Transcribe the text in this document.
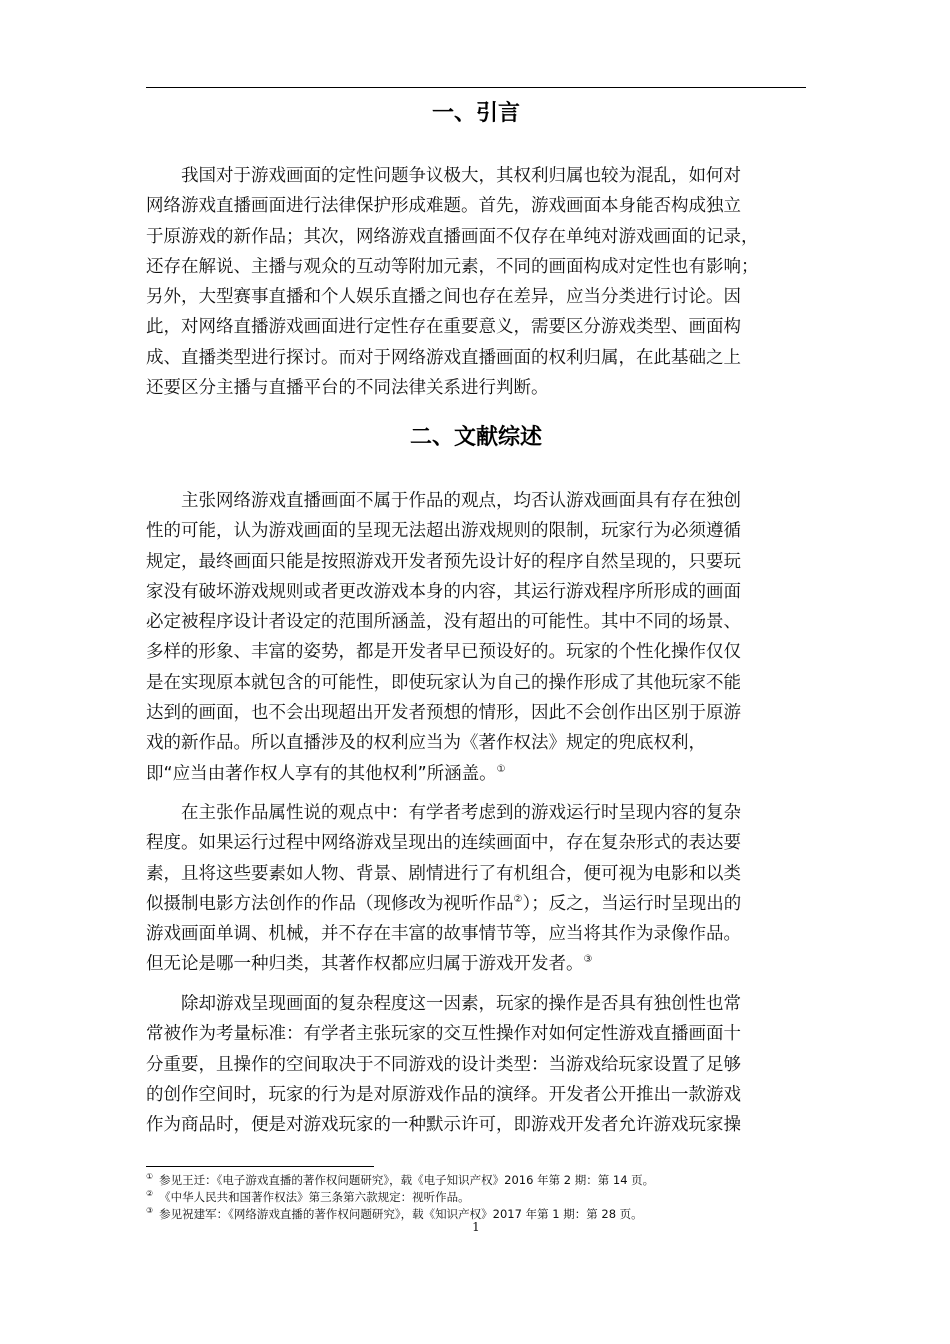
一、引言
我国对于游戏画面的定性问题争议极大，其权利归属也较为混乱，如何对
网络游戏直播画面进行法律保护形成难题。首先，游戏画面本身能否构成独立
于原游戏的新作品；其次，网络游戏直播画面不仅存在单纯对游戏画面的记录，
还存在解说、主播与观众的互动等附加元素，不同的画面构成对定性也有影响；
另外，大型赛事直播和个人娱乐直播之间也存在差异，应当分类进行讨论。因
此，对网络直播游戏画面进行定性存在重要意义，需要区分游戏类型、画面构
成、直播类型进行探讨。而对于网络游戏直播画面的权利归属，在此基础之上
还要区分主播与直播平台的不同法律关系进行判断。
二、文献综述
主张网络游戏直播画面不属于作品的观点，均否认游戏画面具有存在独创
性的可能，认为游戏画面的呈现无法超出游戏规则的限制，玩家行为必须遵循
规定，最终画面只能是按照游戏开发者预先设计好的程序自然呈现的，只要玩
家没有破坏游戏规则或者更改游戏本身的内容，其运行游戏程序所形成的画面
必定被程序设计者设定的范围所涵盖，没有超出的可能性。其中不同的场景、
多样的形象、丰富的姿势，都是开发者早已预设好的。玩家的个性化操作仅仅
是在实现原本就包含的可能性，即使玩家认为自己的操作形成了其他玩家不能
达到的画面，也不会出现超出开发者预想的情形，因此不会创作出区别于原游
戏的新作品。所以直播涉及的权利应当为《著作权法》规定的兜底权利，
即“应当由著作权人享有的其他权利”所涵盖。①
在主张作品属性说的观点中：有学者考虑到的游戏运行时呈现内容的复杂
程度。如果运行过程中网络游戏呈现出的连续画面中，存在复杂形式的表达要
素，且将这些要素如人物、背景、剧情进行了有机组合，便可视为电影和以类
似摄制电影方法创作的作品（现修改为视听作品②）；反之，当运行时呈现出的
游戏画面单调、机械，并不存在丰富的故事情节等，应当将其作为录像作品。
但无论是哪一种归类，其著作权都应归属于游戏开发者。③
除却游戏呈现画面的复杂程度这一因素，玩家的操作是否具有独创性也常
常被作为考量标准：有学者主张玩家的交互性操作对如何定性游戏直播画面十
分重要，且操作的空间取决于不同游戏的设计类型：当游戏给玩家设置了足够
的创作空间时，玩家的行为是对原游戏作品的演绎。开发者公开推出一款游戏
作为商品时，便是对游戏玩家的一种默示许可，即游戏开发者允许游戏玩家操
① 参见王迁：《电子游戏直播的著作权问题研究》，载《电子知识产权》2016 年第 2 期：第 14 页。
② 《中华人民共和国著作权法》第三条第六款规定：视听作品。
③ 参见祝建军：《网络游戏直播的著作权问题研究》，载《知识产权》2017 年第 1 期：第 28 页。
1
